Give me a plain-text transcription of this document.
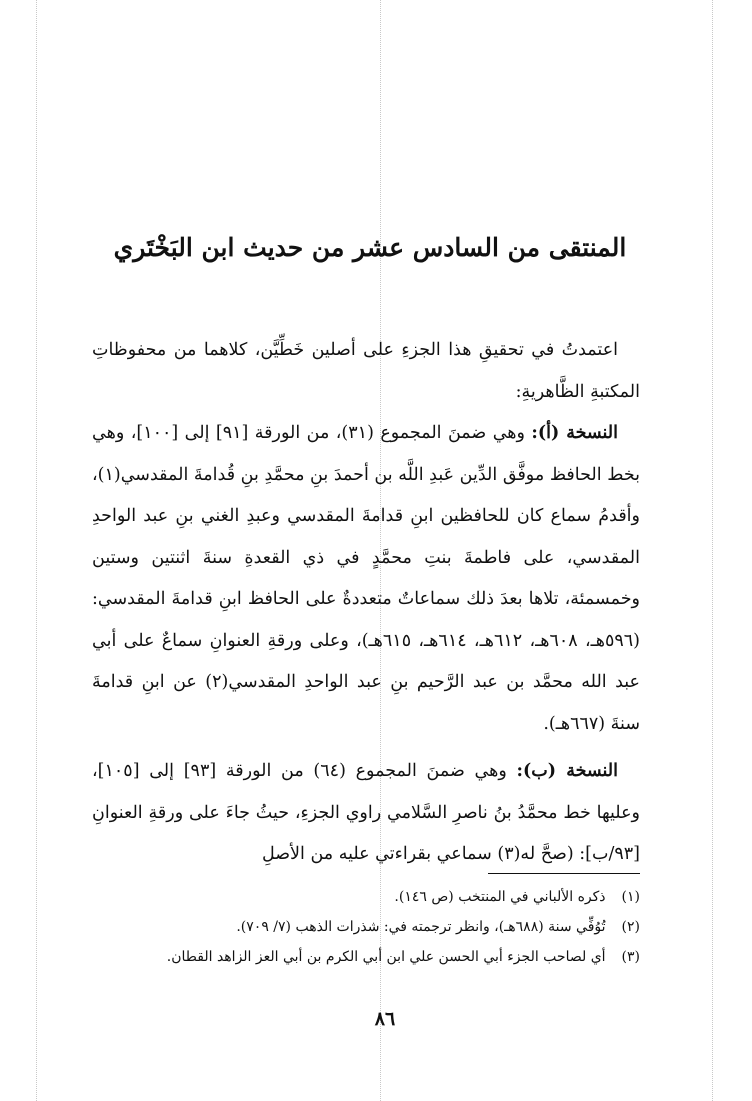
المنتقى من السادس عشر من حديث ابن البَخْتَري

اعتمدتُ في تحقيقِ هذا الجزءِ على أصلين خَطِّيَّن، كلاهما من محفوظاتِ المكتبةِ الظَّاهريةِ:

النسخة (أ): وهي ضمنَ المجموع (٣١)، من الورقة [٩١] إلى [١٠٠]، وهي بخط الحافظ موفَّق الدِّين عَبدِ اللَّه بن أحمدَ بنِ محمَّدِ بنِ قُدامةَ المقدسي(١)، وأقدمُ سماع كان للحافظين ابنِ قدامةَ المقدسي وعبدِ الغني بنِ عبد الواحدِ المقدسي، على فاطمةَ بنتِ محمَّدٍ في ذي القعدةِ سنةَ اثنتين وستين وخمسمئة، تلاها بعدَ ذلك سماعاتٌ متعددةٌ على الحافظ ابنِ قدامةَ المقدسي: (٥٩٦هـ، ٦٠٨هـ، ٦١٢هـ، ٦١٤هـ، ٦١٥هـ)، وعلى ورقةِ العنوانِ سماعٌ على أبي عبد الله محمَّد بن عبد الرَّحيم بنِ عبد الواحدِ المقدسي(٢) عن ابنِ قدامةَ سنةَ (٦٦٧هـ).

النسخة (ب): وهي ضمنَ المجموع (٦٤) من الورقة [٩٣] إلى [١٠٥]، وعليها خط محمَّدُ بنُ ناصرِ السَّلامي راوي الجزءِ، حيثُ جاءَ على ورقةِ العنوانِ [٩٣/ب]: (صحَّ له(٣) سماعي بقراءتي عليه من الأصلِ

(١) ذكره الألباني في المنتخب (ص ١٤٦).
(٢) تُوُفِّي سنة (٦٨٨هـ)، وانظر ترجمته في: شذرات الذهب (٧/ ٧٠٩).
(٣) أي لصاحب الجزء أبي الحسن علي ابن أبي الكرم بن أبي العز الزاهد القطان.
٨٦
